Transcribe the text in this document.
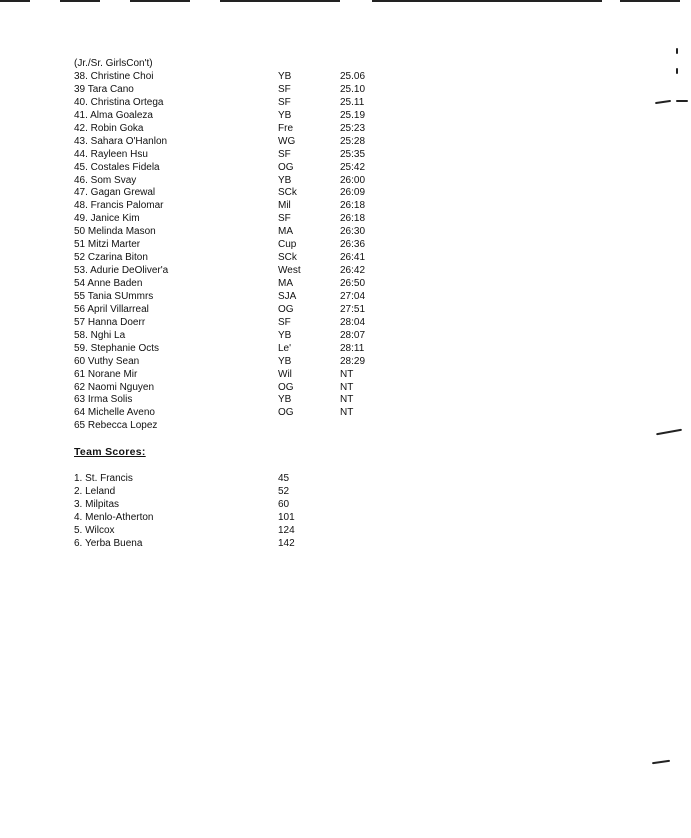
(Jr./Sr. GirlsCon't)
38. Christine Choi	YB	25.06
39 Tara Cano	SF	25.10
40. Christina Ortega	SF	25.11
41. Alma Goaleza	YB	25.19
42. Robin Goka	Fre	25:23
43. Sahara O'Hanlon	WG	25:28
44. Rayleen Hsu	SF	25:35
45. Costales Fidela	OG	25:42
46. Som Svay	YB	26:00
47. Gagan Grewal	SCk	26:09
48. Francis Palomar	Mil	26:18
49. Janice Kim	SF	26:18
50 Melinda Mason	MA	26:30
51 Mitzi Marter	Cup	26:36
52 Czarina Biton	SCk	26:41
53. Adurie DeOliver'a	West	26:42
54 Anne Baden	MA	26:50
55 Tania SUmmrs	SJA	27:04
56 April Villarreal	OG	27:51
57 Hanna Doerr	SF	28:04
58. Nghi La	YB	28:07
59. Stephanie Octs	Le'	28:11
60 Vuthy Sean	YB	28:29
61 Norane Mir	Wil	NT
62 Naomi Nguyen	OG	NT
63 Irma Solis	YB	NT
64 Michelle Aveno	OG	NT
65 Rebecca Lopez
Team Scores:
1. St. Francis	45
2. Leland	52
3. Milpitas	60
4. Menlo-Atherton	101
5. Wilcox	124
6. Yerba Buena	142
